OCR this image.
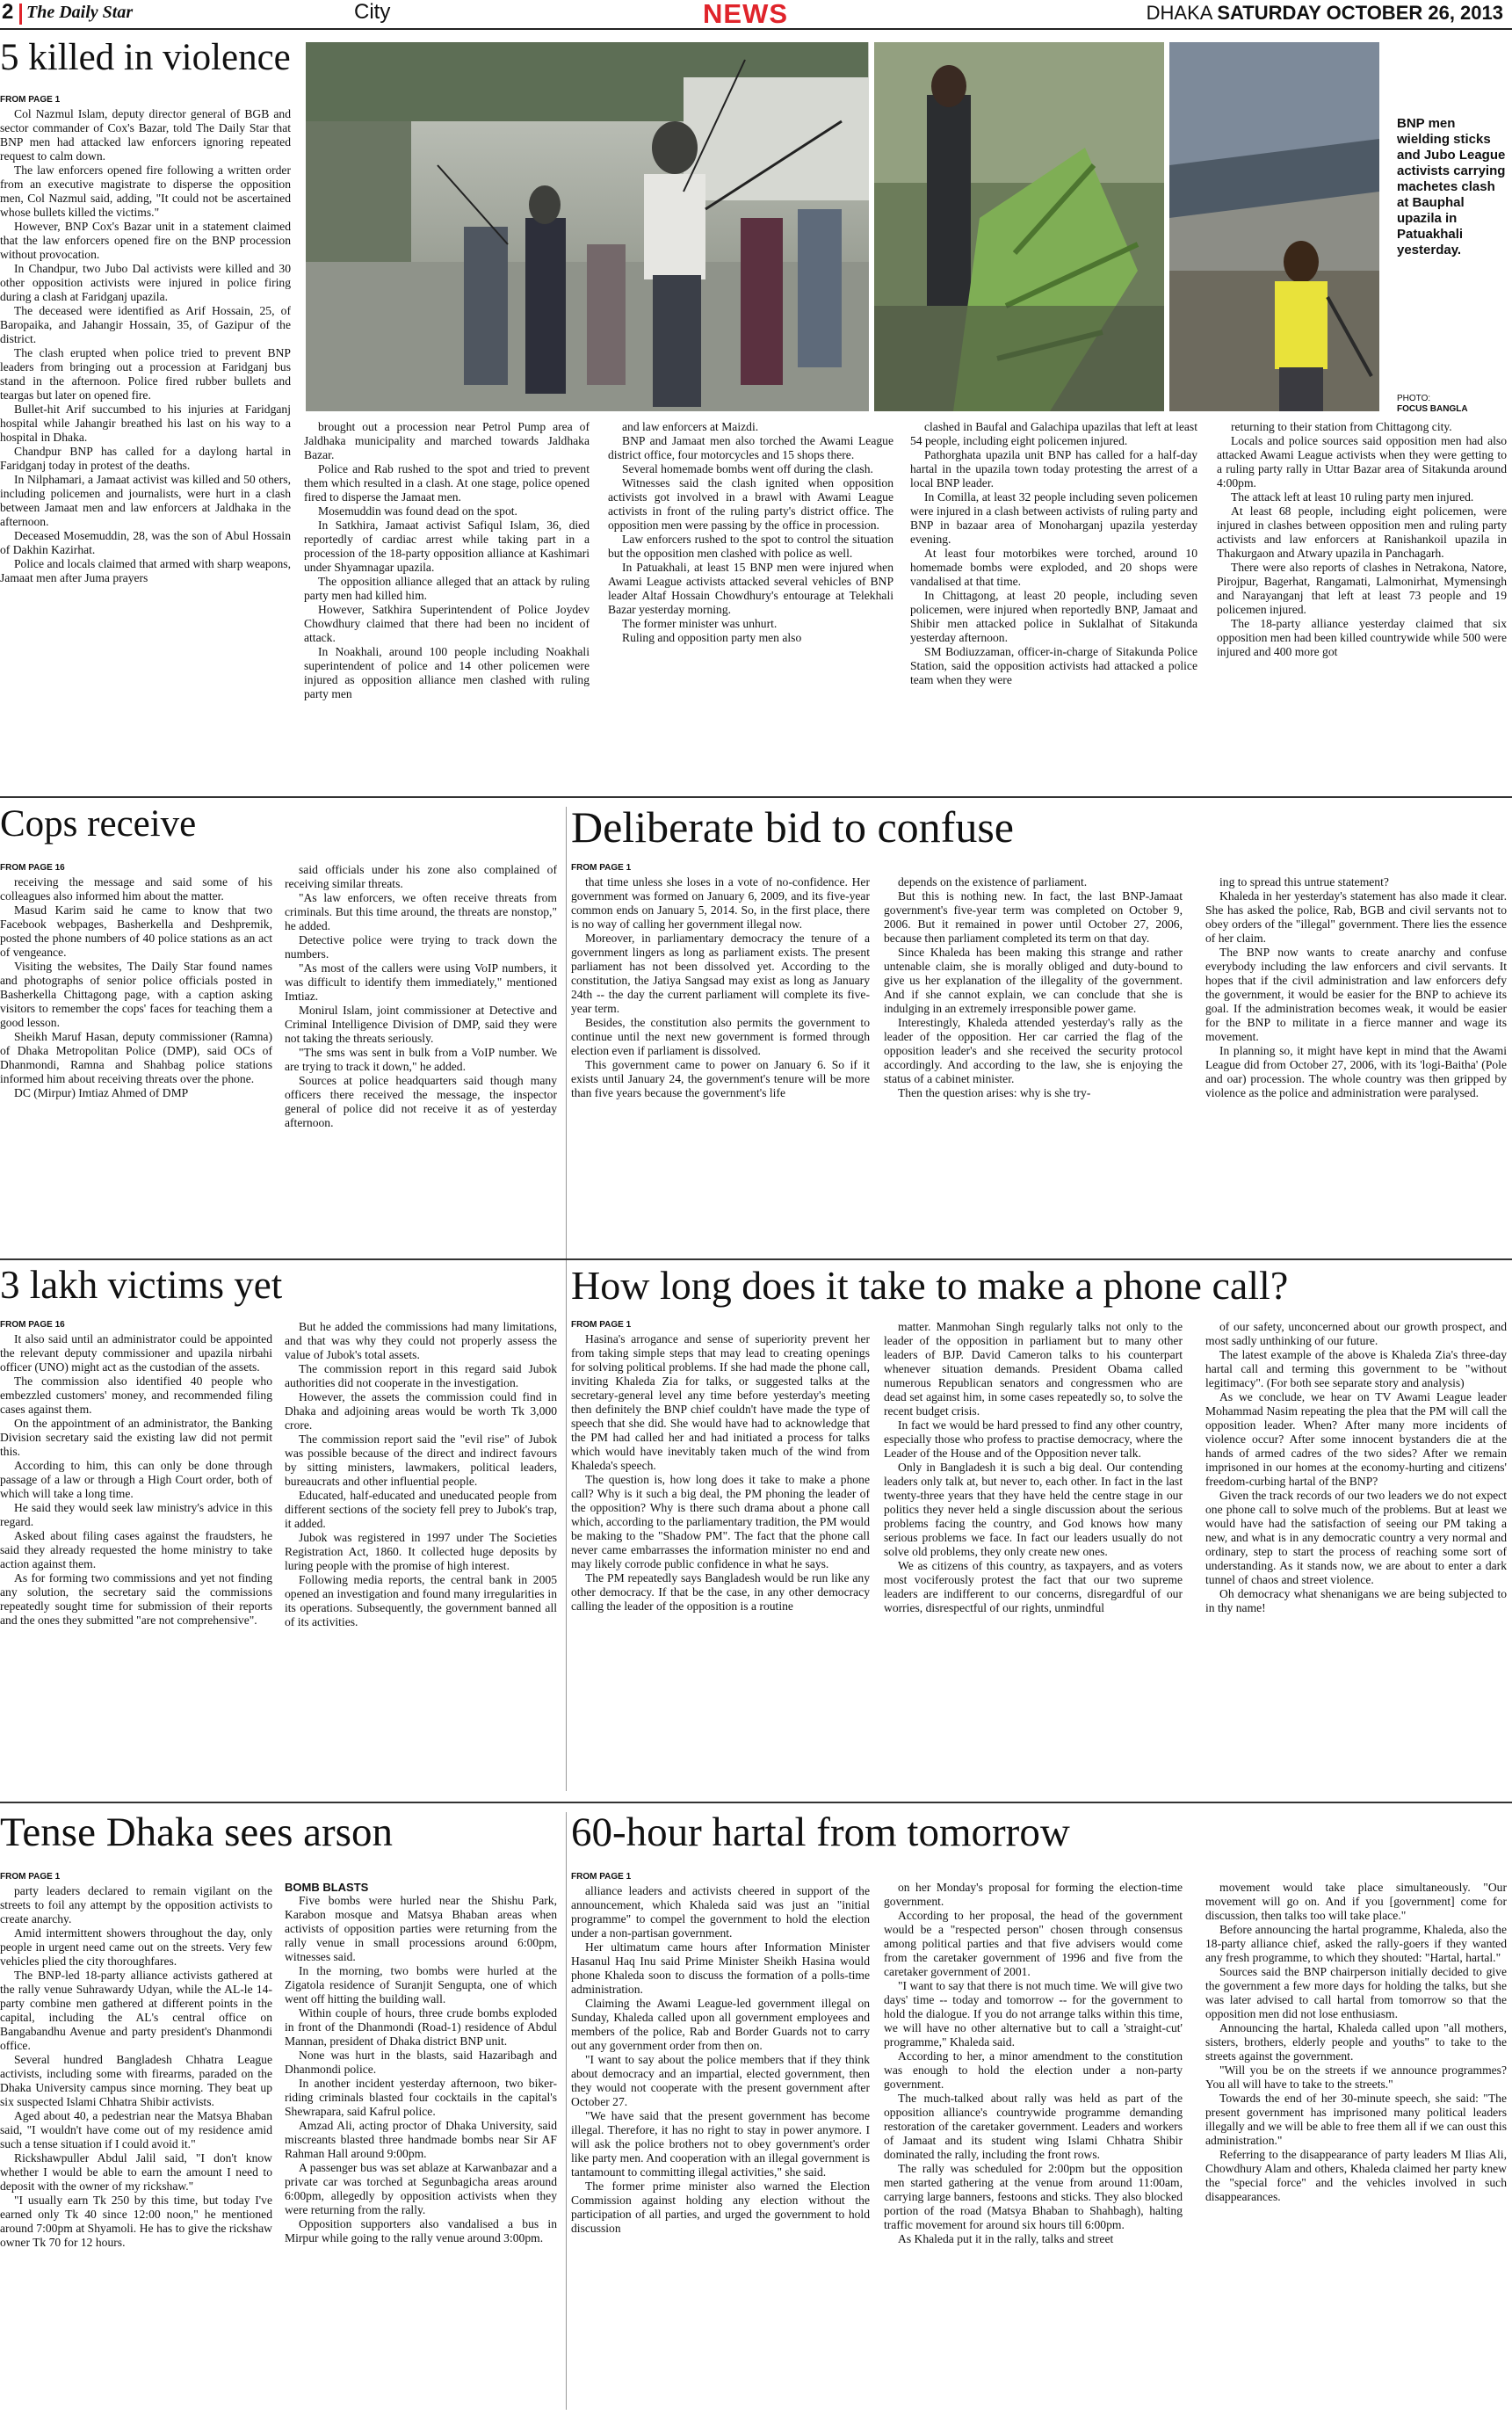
2 The Daily Star	City	NEWS	DHAKA SATURDAY OCTOBER 26, 2013
5 killed in violence
FROM PAGE 1

Col Nazmul Islam, deputy director general of BGB and sector commander of Cox's Bazar, told The Daily Star that BNP men had attacked law enforcers ignoring repeated request to calm down.

The law enforcers opened fire following a written order from an executive magistrate to disperse the opposition men, Col Nazmul said, adding, "It could not be ascertained whose bullets killed the victims."

However, BNP Cox's Bazar unit in a statement claimed that the law enforcers opened fire on the BNP procession without provocation.

In Chandpur, two Jubo Dal activists were killed and 30 other opposition activists were injured in police firing during a clash at Faridganj upazila.

The deceased were identified as Arif Hossain, 25, of Baropaika, and Jahangir Hossain, 35, of Gazipur of the district.

The clash erupted when police tried to prevent BNP leaders from bringing out a procession at Faridganj bus stand in the afternoon. Police fired rubber bullets and teargas but later on opened fire.

Bullet-hit Arif succumbed to his injuries at Faridganj hospital while Jahangir breathed his last on his way to a hospital in Dhaka.

Chandpur BNP has called for a daylong hartal in Faridganj today in protest of the deaths.

In Nilphamari, a Jamaat activist was killed and 50 others, including policemen and journalists, were hurt in a clash between Jamaat men and law enforcers at Jaldhaka in the afternoon.

Deceased Mosemuddin, 28, was the son of Abul Hossain of Dakhin Kazirhat.

Police and locals claimed that armed with sharp weapons, Jamaat men after Juma prayers

BNP men wielding sticks and Jubo League activists carrying machetes clash at Bauphal upazila in Patuakhali yesterday.
PHOTO:
FOCUS BANGLA

brought out a procession near Petrol Pump area of Jaldhaka municipality and marched towards Jaldhaka Bazar.

Police and Rab rushed to the spot and tried to prevent them which resulted in a clash. At one stage, police opened fired to disperse the Jamaat men.

Mosemuddin was found dead on the spot.

In Satkhira, Jamaat activist Safiqul Islam, 36, died reportedly of cardiac arrest while taking part in a procession of the 18-party opposition alliance at Kashimari under Shyamnagar upazila.

The opposition alliance alleged that an attack by ruling party men had killed him.

However, Satkhira Superintendent of Police Joydev Chowdhury claimed that there had been no incident of attack.

In Noakhali, around 100 people including Noakhali superintendent of police and 14 other policemen were injured as opposition alliance men clashed with ruling party men

and law enforcers at Maizdi.

BNP and Jamaat men also torched the Awami League district office, four motorcycles and 15 shops there.

Several homemade bombs went off during the clash.

Witnesses said the clash ignited when opposition activists got involved in a brawl with Awami League activists in front of the ruling party's district office. The opposition men were passing by the office in procession.

Law enforcers rushed to the spot to control the situation but the opposition men clashed with police as well.

In Patuakhali, at least 15 BNP men were injured when Awami League activists attacked several vehicles of BNP leader Altaf Hossain Chowdhury's entourage at Telekhali Bazar yesterday morning.

The former minister was unhurt.

Ruling and opposition party men also

clashed in Baufal and Galachipa upazilas that left at least 54 people, including eight policemen injured.

Pathorghata upazila unit BNP has called for a half-day hartal in the upazila town today protesting the arrest of a local BNP leader.

In Comilla, at least 32 people including seven policemen were injured in a clash between activists of ruling party and BNP in bazaar area of Monoharganj upazila yesterday evening.

At least four motorbikes were torched, around 10 homemade bombs were exploded, and 20 shops were vandalised at that time.

In Chittagong, at least 20 people, including seven policemen, were injured when reportedly BNP, Jamaat and Shibir men attacked police in Suklalhat of Sitakunda yesterday afternoon.

SM Bodiuzzaman, officer-in-charge of Sitakunda Police Station, said the opposition activists had attacked a police team when they were

returning to their station from Chittagong city.

Locals and police sources said opposition men had also attacked Awami League activists when they were getting to a ruling party rally in Uttar Bazar area of Sitakunda around 4:00pm.

The attack left at least 10 ruling party men injured.

At least 68 people, including eight policemen, were injured in clashes between opposition men and ruling party activists and law enforcers at Ranishankoil upazila in Thakurgaon and Atwary upazila in Panchagarh.

There were also reports of clashes in Netrakona, Natore, Pirojpur, Bagerhat, Rangamati, Lalmonirhat, Mymensingh and Narayanganj that left at least 73 people and 19 policemen injured.

The 18-party alliance yesterday claimed that six opposition men had been killed countrywide while 500 were injured and 400 more got

Cops receive
FROM PAGE 16

receiving the message and said some of his colleagues also informed him about the matter.

Masud Karim said he came to know that two Facebook webpages, Basherkella and Deshpremik, posted the phone numbers of 40 police stations as an act of vengeance.

Visiting the websites, The Daily Star found names and photographs of senior police officials posted in Basherkella Chittagong page, with a caption asking visitors to remember the cops' faces for teaching them a good lesson.

Sheikh Maruf Hasan, deputy commissioner (Ramna) of Dhaka Metropolitan Police (DMP), said OCs of Dhanmondi, Ramna and Shahbag police stations informed him about receiving threats over the phone.

DC (Mirpur) Imtiaz Ahmed of DMP

said officials under his zone also complained of receiving similar threats.

"As law enforcers, we often receive threats from criminals. But this time around, the threats are nonstop," he added.

Detective police were trying to track down the numbers.

"As most of the callers were using VoIP numbers, it was difficult to identify them immediately," mentioned Imtiaz.

Monirul Islam, joint commissioner at Detective and Criminal Intelligence Division of DMP, said they were not taking the threats seriously.

"The sms was sent in bulk from a VoIP number. We are trying to track it down," he added.

Sources at police headquarters said though many officers there received the message, the inspector general of police did not receive it as of yesterday afternoon.

Deliberate bid to confuse
FROM PAGE 1

that time unless she loses in a vote of no-confidence. Her government was formed on January 6, 2009, and its five-year common ends on January 5, 2014. So, in the first place, there is no way of calling her government illegal now.

Moreover, in parliamentary democracy the tenure of a government lingers as long as parliament exists. The present parliament has not been dissolved yet. According to the constitution, the Jatiya Sangsad may exist as long as January 24th -- the day the current parliament will complete its five-year term.

Besides, the constitution also permits the government to continue until the next new government is formed through election even if parliament is dissolved.

This government came to power on January 6. So if it exists until January 24, the government's tenure will be more than five years because the government's life

depends on the existence of parliament.

But this is nothing new. In fact, the last BNP-Jamaat government's five-year term was completed on October 9, 2006. But it remained in power until October 27, 2006, because then parliament completed its term on that day.

Since Khaleda has been making this strange and rather untenable claim, she is morally obliged and duty-bound to give us her explanation of the illegality of the government. And if she cannot explain, we can conclude that she is indulging in an extremely irresponsible power game.

Interestingly, Khaleda attended yesterday's rally as the leader of the opposition. Her car carried the flag of the opposition leader's and she received the security protocol accordingly. And according to the law, she is enjoying the status of a cabinet minister.

Then the question arises: why is she try-

ing to spread this untrue statement?

Khaleda in her yesterday's statement has also made it clear. She has asked the police, Rab, BGB and civil servants not to obey orders of the "illegal" government. There lies the essence of her claim.

The BNP now wants to create anarchy and confuse everybody including the law enforcers and civil servants. It hopes that if the civil administration and law enforcers defy the government, it would be easier for the BNP to achieve its goal. If the administration becomes weak, it would be easier for the BNP to militate in a fierce manner and wage its movement.

In planning so, it might have kept in mind that the Awami League did from October 27, 2006, with its 'logi-Baitha' (Pole and oar) procession. The whole country was then gripped by violence as the police and administration were paralysed.

3 lakh victims yet
FROM PAGE 16

It also said until an administrator could be appointed the relevant deputy commissioner and upazila nirbahi officer (UNO) might act as the custodian of the assets.

The commission also identified 40 people who embezzled customers' money, and recommended filing cases against them.

On the appointment of an administrator, the Banking Division secretary said the existing law did not permit this.

According to him, this can only be done through passage of a law or through a High Court order, both of which will take a long time.

He said they would seek law ministry's advice in this regard.

Asked about filing cases against the fraudsters, he said they already requested the home ministry to take action against them.

As for forming two commissions and yet not finding any solution, the secretary said the commissions repeatedly sought time for submission of their reports and the ones they submitted "are not comprehensive".

But he added the commissions had many limitations, and that was why they could not properly assess the value of Jubok's total assets.

The commission report in this regard said Jubok authorities did not cooperate in the investigation.

However, the assets the commission could find in Dhaka and adjoining areas would be worth Tk 3,000 crore.

The commission report said the "evil rise" of Jubok was possible because of the direct and indirect favours by sitting ministers, lawmakers, political leaders, bureaucrats and other influential people.

Educated, half-educated and uneducated people from different sections of the society fell prey to Jubok's trap, it added.

Jubok was registered in 1997 under The Societies Registration Act, 1860. It collected huge deposits by luring people with the promise of high interest.

Following media reports, the central bank in 2005 opened an investigation and found many irregularities in its operations. Subsequently, the government banned all of its activities.

How long does it take to make a phone call?
FROM PAGE 1

Hasina's arrogance and sense of superiority prevent her from taking simple steps that may lead to creating openings for solving political problems. If she had made the phone call, inviting Khaleda Zia for talks, or suggested talks at the secretary-general level any time before yesterday's meeting then definitely the BNP chief couldn't have made the type of speech that she did. She would have had to acknowledge that the PM had called her and had initiated a process for talks which would have inevitably taken much of the wind from Khaleda's speech.

The question is, how long does it take to make a phone call? Why is it such a big deal, the PM phoning the leader of the opposition? Why is there such drama about a phone call which, according to the parliamentary tradition, the PM would be making to the "Shadow PM". The fact that the phone call never came embarrasses the information minister no end and may likely corrode public confidence in what he says.

The PM repeatedly says Bangladesh would be run like any other democracy. If that be the case, in any other democracy calling the leader of the opposition is a routine

matter. Manmohan Singh regularly talks not only to the leader of the opposition in parliament but to many other leaders of BJP. David Cameron talks to his counterpart whenever situation demands. President Obama called numerous Republican senators and congressmen who are dead set against him, in some cases repeatedly so, to solve the recent budget crisis.

In fact we would be hard pressed to find any other country, especially those who profess to practise democracy, where the Leader of the House and of the Opposition never talk.

Only in Bangladesh it is such a big deal. Our contending leaders only talk at, but never to, each other. In fact in the last twenty-three years that they have held the centre stage in our politics they never held a single discussion about the serious problems facing the country, and God knows how many serious problems we face. In fact our leaders usually do not solve old problems, they only create new ones.

We as citizens of this country, as taxpayers, and as voters most vociferously protest the fact that our two supreme leaders are indifferent to our concerns, disregardful of our worries, disrespectful of our rights, unmindful

of our safety, unconcerned about our growth prospect, and most sadly unthinking of our future.

The latest example of the above is Khaleda Zia's three-day hartal call and terming this government to be "without legitimacy". (For both see separate story and analysis)

As we conclude, we hear on TV Awami League leader Mohammad Nasim repeating the plea that the PM will call the opposition leader. When? After many more incidents of violence occur? After some innocent bystanders die at the hands of armed cadres of the two sides? After we remain imprisoned in our homes at the economy-hurting and citizens' freedom-curbing hartal of the BNP?

Given the track records of our two leaders we do not expect one phone call to solve much of the problems. But at least we would have had the satisfaction of seeing our PM taking a new, and what is in any democratic country a very normal and ordinary, step to start the process of reaching some sort of understanding. As it stands now, we are about to enter a dark tunnel of chaos and street violence.

Oh democracy what shenanigans we are being subjected to in thy name!

Tense Dhaka sees arson
FROM PAGE 1

party leaders declared to remain vigilant on the streets to foil any attempt by the opposition activists to create anarchy.

Amid intermittent showers throughout the day, only people in urgent need came out on the streets. Very few vehicles plied the city thoroughfares.

The BNP-led 18-party alliance activists gathered at the rally venue Suhrawardy Udyan, while the AL-le 14-party combine men gathered at different points in the capital, including the AL's central office on Bangabandhu Avenue and party president's Dhanmondi office.

Several hundred Bangladesh Chhatra League activists, including some with firearms, paraded on the Dhaka University campus since morning. They beat up six suspected Islami Chhatra Shibir activists.

Aged about 40, a pedestrian near the Matsya Bhaban said, "I wouldn't have come out of my residence amid such a tense situation if I could avoid it."

Rickshawpuller Abdul Jalil said, "I don't know whether I would be able to earn the amount I need to deposit with the owner of my rickshaw."

"I usually earn Tk 250 by this time, but today I've earned only Tk 40 since 12:00 noon," he mentioned around 7:00pm at Shyamoli. He has to give the rickshaw owner Tk 70 for 12 hours.

BOMB BLASTS

Five bombs were hurled near the Shishu Park, Karabon mosque and Matsya Bhaban areas when activists of opposition parties were returning from the rally venue in small processions around 6:00pm, witnesses said.

In the morning, two bombs were hurled at the Zigatola residence of Suranjit Sengupta, one of which went off hitting the building wall.

Within couple of hours, three crude bombs exploded in front of the Dhanmondi (Road-1) residence of Abdul Mannan, president of Dhaka district BNP unit.

None was hurt in the blasts, said Hazaribagh and Dhanmondi police.

In another incident yesterday afternoon, two biker-riding criminals blasted four cocktails in the capital's Shewrapara, said Kafrul police.

Amzad Ali, acting proctor of Dhaka University, said miscreants blasted three handmade bombs near Sir AF Rahman Hall around 9:00pm.

A passenger bus was set ablaze at Karwanbazar and a private car was torched at Segunbagicha areas around 6:00pm, allegedly by opposition activists when they were returning from the rally.

Opposition supporters also vandalised a bus in Mirpur while going to the rally venue around 3:00pm.

60-hour hartal from tomorrow
FROM PAGE 1

alliance leaders and activists cheered in support of the announcement, which Khaleda said was just an "initial programme" to compel the government to hold the election under a non-partisan government.

Her ultimatum came hours after Information Minister Hasanul Haq Inu said Prime Minister Sheikh Hasina would phone Khaleda soon to discuss the formation of a polls-time administration.

Claiming the Awami League-led government illegal on Sunday, Khaleda called upon all government employees and members of the police, Rab and Border Guards not to carry out any government order from then on.

"I want to say about the police members that if they think about democracy and an impartial, elected government, then they would not cooperate with the present government after October 27.

"We have said that the present government has become illegal. Therefore, it has no right to stay in power anymore. I will ask the police brothers not to obey government's order like party men. And cooperation with an illegal government is tantamount to committing illegal activities," she said.

The former prime minister also warned the Election Commission against holding any election without the participation of all parties, and urged the government to hold discussion

on her Monday's proposal for forming the election-time government.

According to her proposal, the head of the government would be a "respected person" chosen through consensus among political parties and that five advisers would come from the caretaker government of 1996 and five from the caretaker government of 2001.

"I want to say that there is not much time. We will give two days' time -- today and tomorrow -- for the government to hold the dialogue. If you do not arrange talks within this time, we will have no other alternative but to call a 'straight-cut' programme," Khaleda said.

According to her, a minor amendment to the constitution was enough to hold the election under a non-party government.

The much-talked about rally was held as part of the opposition alliance's countrywide programme demanding restoration of the caretaker government. Leaders and workers of Jamaat and its student wing Islami Chhatra Shibir dominated the rally, including the front rows.

The rally was scheduled for 2:00pm but the opposition men started gathering at the venue from around 11:00am, carrying large banners, festoons and sticks. They also blocked portion of the road (Matsya Bhaban to Shahbagh), halting traffic movement for around six hours till 6:00pm.

As Khaleda put it in the rally, talks and street

movement would take place simultaneously. "Our movement will go on. And if you [government] come for discussion, then talks too will take place."

Before announcing the hartal programme, Khaleda, also the 18-party alliance chief, asked the rally-goers if they wanted any fresh programme, to which they shouted: "Hartal, hartal."

Sources said the BNP chairperson initially decided to give the government a few more days for holding the talks, but she was later advised to call hartal from tomorrow so that the opposition men did not lose enthusiasm.

Announcing the hartal, Khaleda called upon "all mothers, sisters, brothers, elderly people and youths" to take to the streets against the government.

"Will you be on the streets if we announce programmes? You all will have to take to the streets."

Towards the end of her 30-minute speech, she said: "The present government has imprisoned many political leaders illegally and we will be able to free them all if we can oust this administration."

Referring to the disappearance of party leaders M Ilias Ali, Chowdhury Alam and others, Khaleda claimed her party knew the "special force" and the vehicles involved in such disappearances.
